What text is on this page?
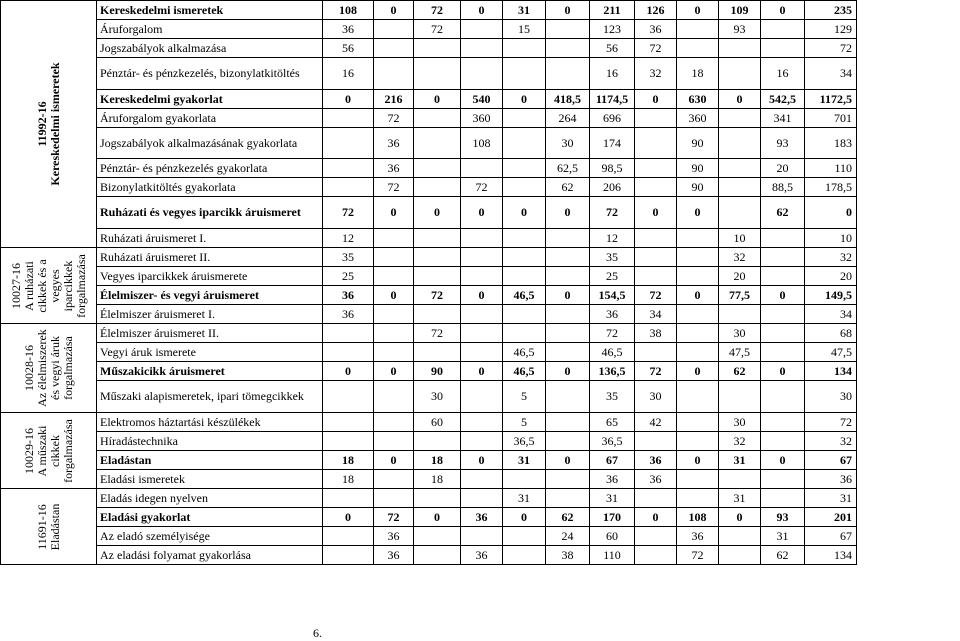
11992-16 Kereskedelmi ismeretek	Kereskedelmi ismeretek	108	0	72	0	31	0	211	126	0	109	0	235
	Áruforgalom	36		72		15		123	36		93		129
	Jogszabályok alkalmazása	56						56	72				72
	Pénztár- és pénzkezelés, bizonylatkitöltés	16						16	32	18		16	34
	Kereskedelmi gyakorlat	0	216	0	540	0	418,5	1174,5	0	630	0	542,5	1172,5
	Áruforgalom gyakorlata		72		360		264	696		360		341	701
	Jogszabályok alkalmazásának gyakorlata		36		108		30	174		90		93	183
	Pénztár- és pénzkezelés gyakorlata		36				62,5	98,5		90		20	110
	Bizonylatkitöltés gyakorlata		72		72		62	206		90		88,5	178,5
	Ruházati és vegyes iparcikk áruismeret	72	0	0	0	0	0	72	0	0		62	0
	Ruházati áruismeret I.	12						12			10		10

10027-16 A ruházati cikkek és a vegyes iparcikkek forgalmazása	Ruházati áruismeret II.	35						35			32		32
	Vegyes iparcikkek áruismerete	25						25			20		20
	Élelmiszer- és vegyi áruismeret	36	0	72	0	46,5	0	154,5	72	0	77,5	0	149,5
	Élelmiszer áruismeret I.	36						36	34				34

10028-16 Az élelmiszerek és vegyi áruk forgalmazása	Élelmiszer áruismeret II.			72				72	38		30		68
	Vegyi áruk ismerete					46,5		46,5			47,5		47,5
	Műszakicikk áruismeret	0	0	90	0	46,5	0	136,5	72	0	62	0	134
	Műszaki alapismeretek, ipari tömegcikkek			30		5		35	30				30

10029-16 A műszaki cikkek forgalmazása	Elektromos háztartási készülékek			60		5		65	42		30		72
	Híradástechnika					36,5		36,5			32		32
	Eladástan	18	0	18	0	31	0	67	36	0	31	0	67
	Eladási ismeretek	18		18				36	36				36

11691-16 Eladástan	Eladás idegen nyelven					31		31			31		31
	Eladási gyakorlat	0	72	0	36	0	62	170	0	108	0	93	201
	Az eladó személyisége		36				24	60		36		31	67
	Az eladási folyamat gyakorlása		36		36		38	110		72		62	134
6.
